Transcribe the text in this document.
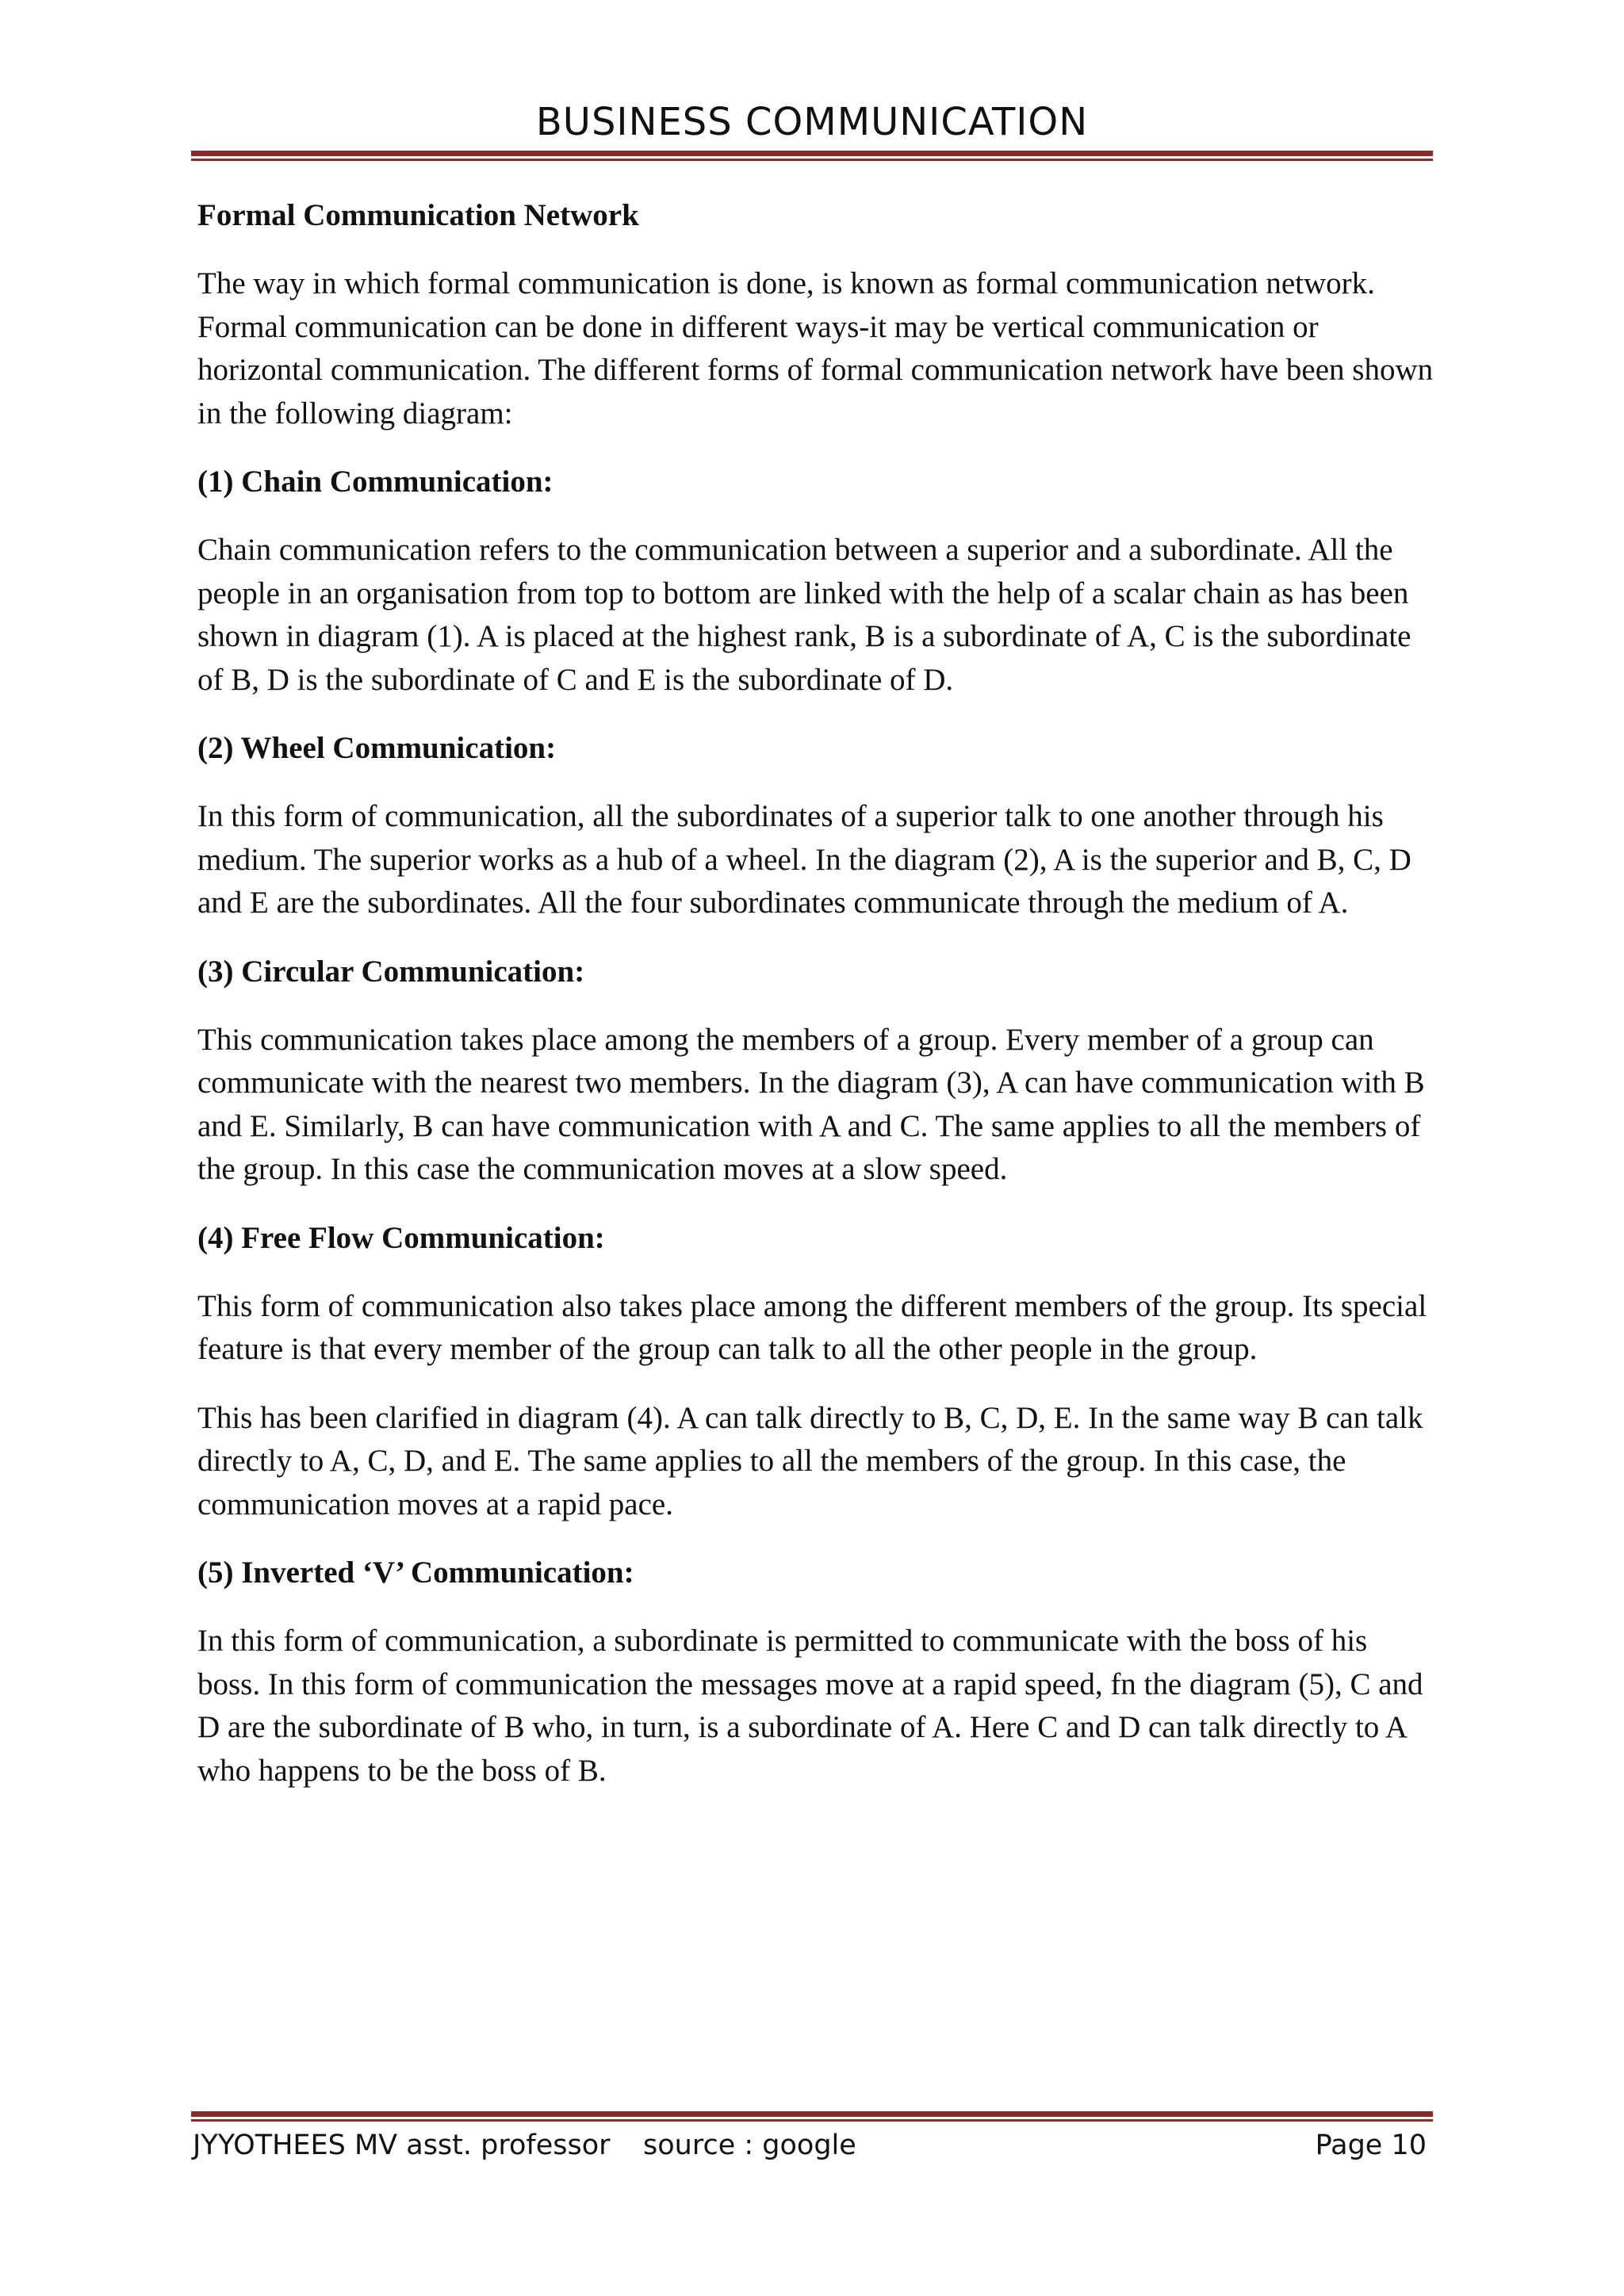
BUSINESS COMMUNICATION

Formal Communication Network

The way in which formal communication is done, is known as formal communication network. Formal communication can be done in different ways-it may be vertical communication or horizontal communication. The different forms of formal communication network have been shown in the following diagram:

(1) Chain Communication:

Chain communication refers to the communication between a superior and a subordinate. All the people in an organisation from top to bottom are linked with the help of a scalar chain as has been shown in diagram (1). A is placed at the highest rank, B is a subordinate of A, C is the subordinate of B, D is the subordinate of C and E is the subordinate of D.

(2) Wheel Communication:

In this form of communication, all the subordinates of a superior talk to one another through his medium. The superior works as a hub of a wheel. In the diagram (2), A is the superior and B, C, D and E are the subordinates. All the four subordinates communicate through the medium of A.

(3) Circular Communication:

This communication takes place among the members of a group. Every member of a group can communicate with the nearest two members. In the diagram (3), A can have communication with B and E. Similarly, B can have communication with A and C. The same applies to all the members of the group. In this case the communication moves at a slow speed.

(4) Free Flow Communication:

This form of communication also takes place among the different members of the group. Its special feature is that every member of the group can talk to all the other people in the group.

This has been clarified in diagram (4). A can talk directly to B, C, D, E. In the same way B can talk directly to A, C, D, and E. The same applies to all the members of the group. In this case, the communication moves at a rapid pace.

(5) Inverted ‘V’ Communication:

In this form of communication, a subordinate is permitted to communicate with the boss of his boss. In this form of communication the messages move at a rapid speed, fn the diagram (5), C and D are the subordinate of B who, in turn, is a subordinate of A. Here C and D can talk directly to A who happens to be the boss of B.

JYYOTHEES MV asst. professor source : google	Page 10
